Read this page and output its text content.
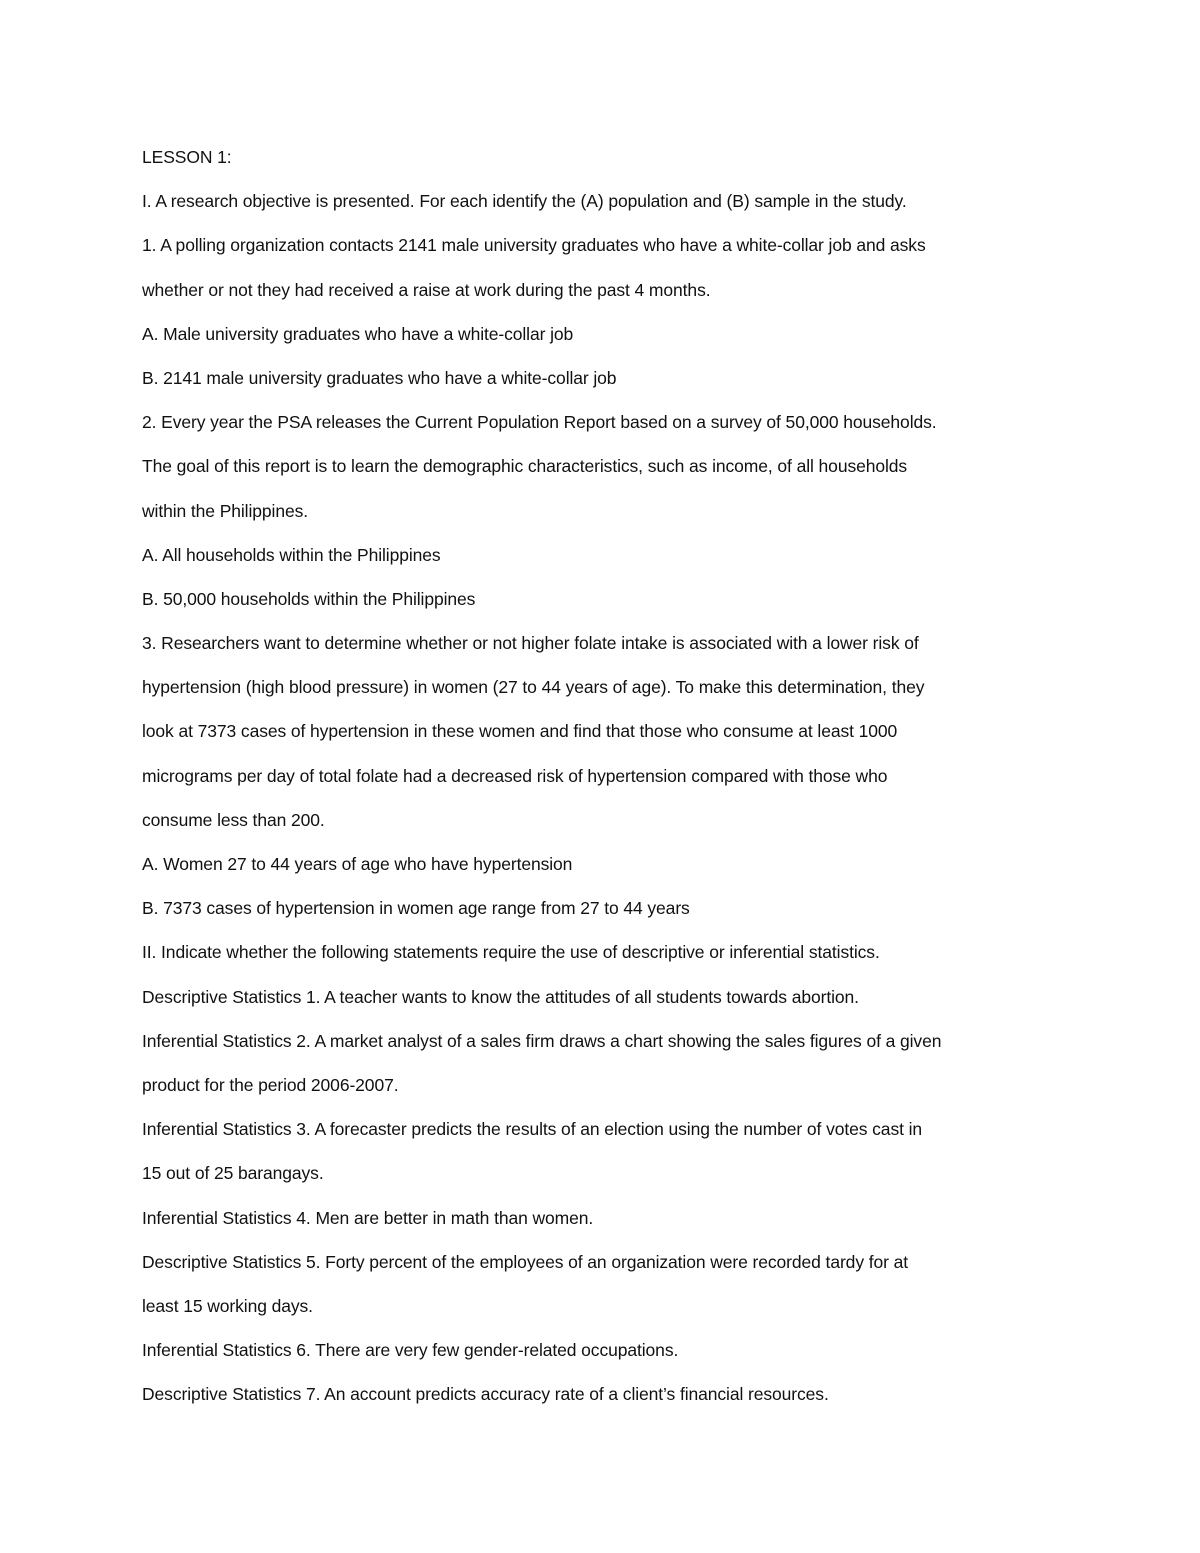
LESSON 1:
I. A research objective is presented. For each identify the (A) population and (B) sample in the study.
1. A polling organization contacts 2141 male university graduates who have a white-collar job and asks
whether or not they had received a raise at work during the past 4 months.
A. Male university graduates who have a white-collar job
B. 2141 male university graduates who have a white-collar job
2. Every year the PSA releases the Current Population Report based on a survey of 50,000 households.
The goal of this report is to learn the demographic characteristics, such as income, of all households
within the Philippines.
A. All households within the Philippines
B. 50,000 households within the Philippines
3. Researchers want to determine whether or not higher folate intake is associated with a lower risk of
hypertension (high blood pressure) in women (27 to 44 years of age). To make this determination, they
look at 7373 cases of hypertension in these women and find that those who consume at least 1000
micrograms per day of total folate had a decreased risk of hypertension compared with those who
consume less than 200.
A. Women 27 to 44 years of age who have hypertension
B. 7373 cases of hypertension in women age range from 27 to 44 years
II. Indicate whether the following statements require the use of descriptive or inferential statistics.
Descriptive Statistics 1. A teacher wants to know the attitudes of all students towards abortion.
Inferential Statistics 2. A market analyst of a sales firm draws a chart showing the sales figures of a given
product for the period 2006-2007.
Inferential Statistics 3. A forecaster predicts the results of an election using the number of votes cast in
15 out of 25 barangays.
Inferential Statistics 4. Men are better in math than women.
Descriptive Statistics 5. Forty percent of the employees of an organization were recorded tardy for at
least 15 working days.
Inferential Statistics 6. There are very few gender-related occupations.
Descriptive Statistics 7. An account predicts accuracy rate of a client’s financial resources.
